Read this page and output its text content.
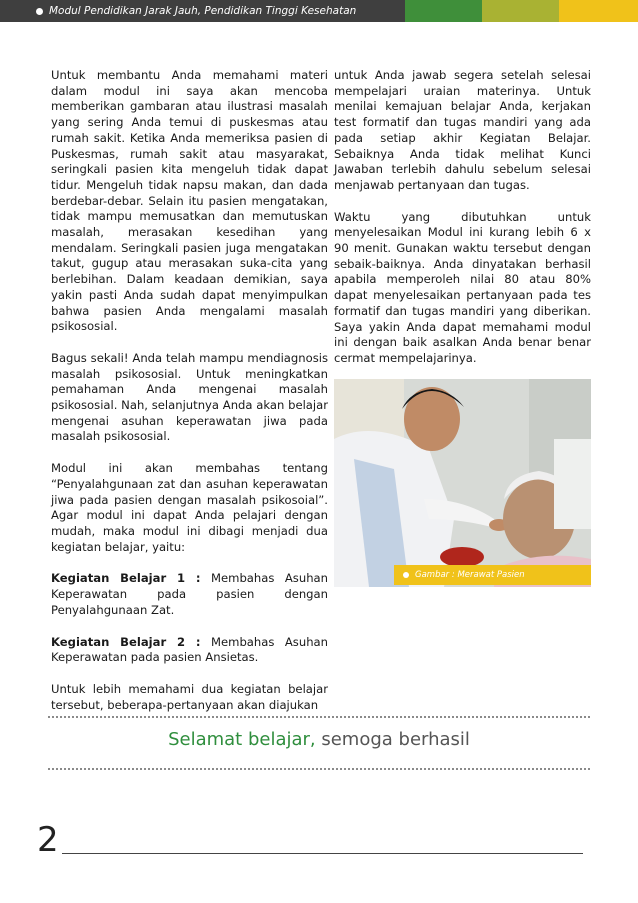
Modul Pendidikan Jarak Jauh, Pendidikan Tinggi Kesehatan

Untuk membantu Anda memahami materi dalam modul ini saya akan mencoba memberikan gambaran atau ilustrasi masalah yang sering Anda temui di puskesmas atau rumah sakit. Ketika Anda memeriksa pasien di Puskesmas, rumah sakit atau masyarakat, seringkali pasien kita mengeluh tidak dapat tidur. Mengeluh tidak napsu makan, dan dada berdebar-debar. Selain itu pasien mengatakan, tidak mampu memusatkan dan memutuskan masalah, merasakan kesedihan yang mendalam. Seringkali pasien juga mengatakan takut, gugup atau merasakan suka-cita yang berlebihan. Dalam keadaan demikian, saya yakin pasti Anda sudah dapat menyimpulkan bahwa pasien Anda mengalami masalah psikososial.

Bagus sekali! Anda telah mampu mendiagnosis masalah psikososial. Untuk meningkatkan pemahaman Anda mengenai masalah psikososial. Nah, selanjutnya Anda akan belajar mengenai asuhan keperawatan jiwa pada masalah psikososial.

Modul ini akan membahas tentang “Penyalahgunaan zat dan asuhan keperawatan jiwa pada pasien dengan masalah psikosoial”. Agar modul ini dapat Anda pelajari dengan mudah, maka modul ini dibagi menjadi dua kegiatan belajar, yaitu:

Kegiatan Belajar 1 : Membahas Asuhan Keperawatan pada pasien dengan Penyalahgunaan Zat.

Kegiatan Belajar 2 : Membahas Asuhan Keperawatan pada pasien Ansietas.

Untuk lebih memahami dua kegiatan belajar tersebut, beberapa-pertanyaan akan diajukan

untuk Anda jawab segera setelah selesai mempelajari uraian materinya. Untuk menilai kemajuan belajar Anda, kerjakan test formatif dan tugas mandiri yang ada pada setiap akhir Kegiatan Belajar. Sebaiknya Anda tidak melihat Kunci Jawaban terlebih dahulu sebelum selesai menjawab pertanyaan dan tugas.

Waktu yang dibutuhkan untuk menyelesaikan Modul ini kurang lebih 6 x 90 menit. Gunakan waktu tersebut dengan sebaik-baiknya. Anda dinyatakan berhasil apabila memperoleh nilai 80 atau 80% dapat menyelesaikan pertanyaan pada tes formatif dan tugas mandiri yang diberikan. Saya yakin Anda dapat memahami modul ini dengan baik asalkan Anda benar benar cermat mempelajarinya.

Gambar : Merawat Pasien
Selamat belajar, semoga berhasil
2
